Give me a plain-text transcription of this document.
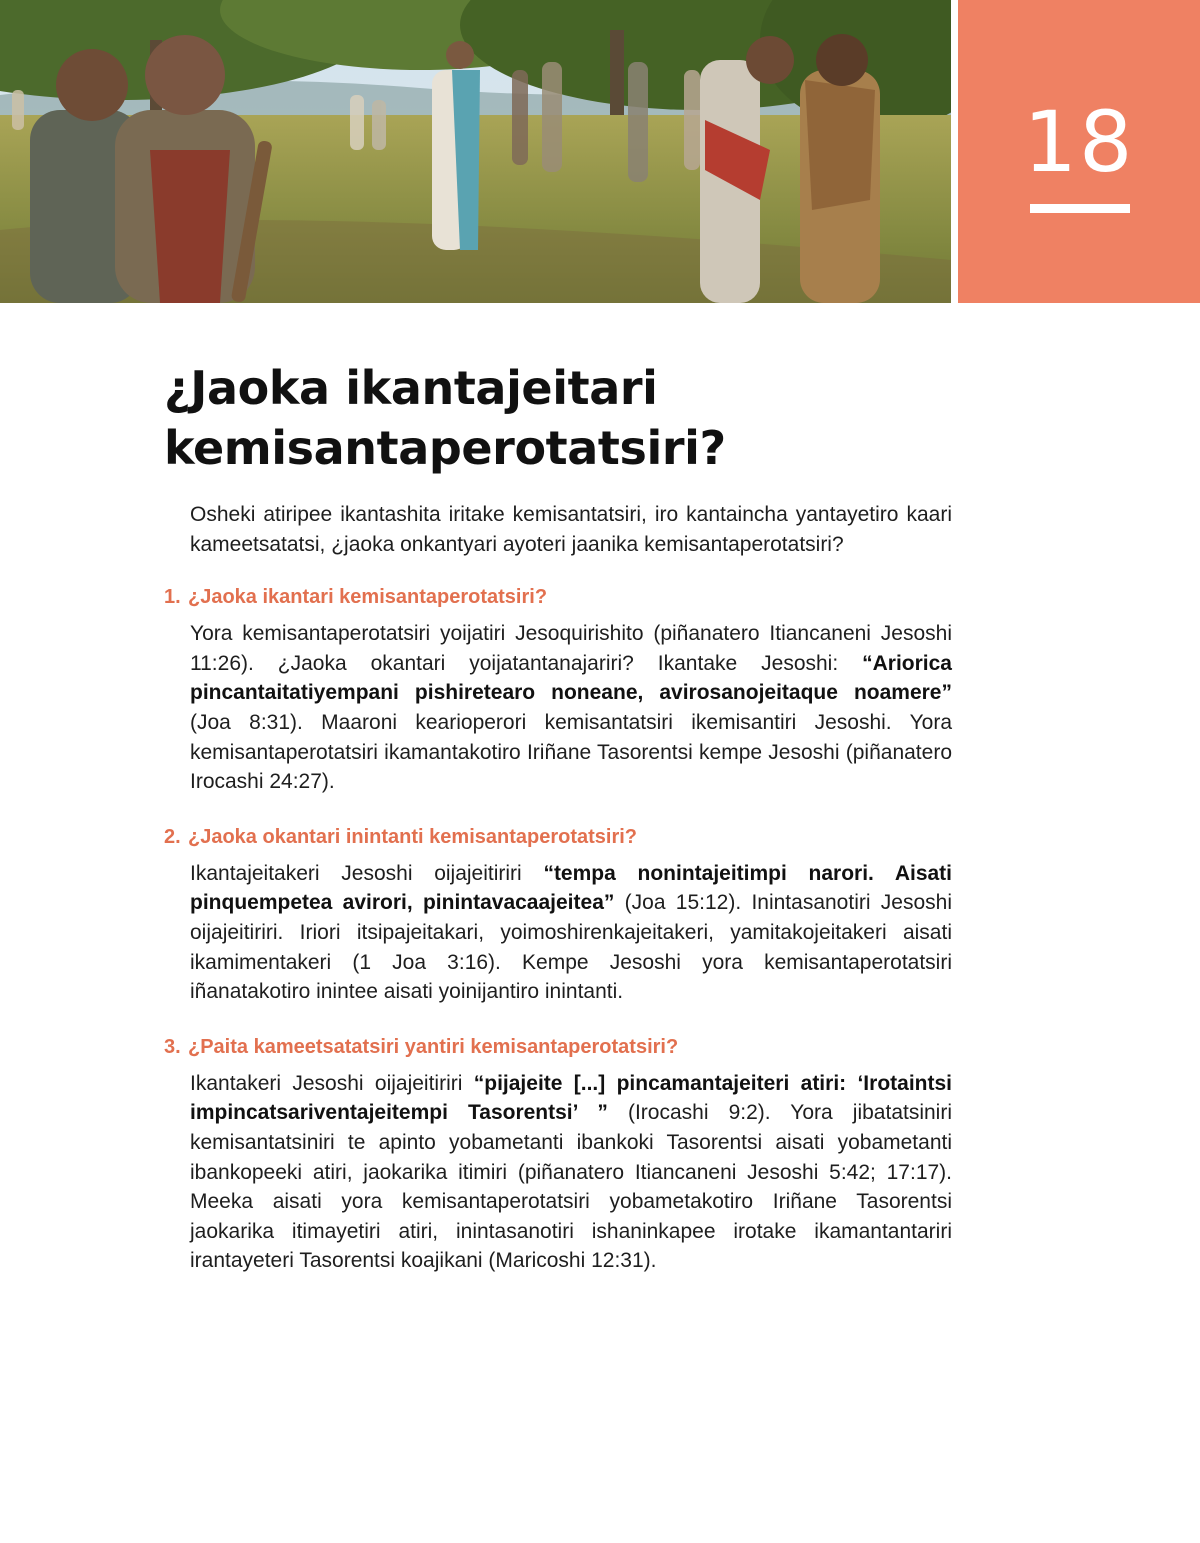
18
¿Jaoka ikantajeitari kemisantaperotatsiri?

Osheki atiripee ikantashita iritake kemisantatsiri, iro kantaincha yantayetiro kaari kameetsatatsi, ¿jaoka onkantyari ayoteri jaanika kemisantaperotatsiri?

1. ¿Jaoka ikantari kemisantaperotatsiri?

Yora kemisantaperotatsiri yoijatiri Jesoquirishito (piñanatero Itiancaneni Jesoshi 11:26). ¿Jaoka okantari yoijatantanajariri? Ikantake Jesoshi: “Ariorica pincantaitatiyempani pishiretearo noneane, avirosanojeitaque noamere” (Joa 8:31). Maaroni kearioperori kemisantatsiri ikemisantiri Jesoshi. Yora kemisantaperotatsiri ikamantakotiro Iriñane Tasorentsi kempe Jesoshi (piñanatero Irocashi 24:27).

2. ¿Jaoka okantari inintanti kemisantaperotatsiri?

Ikantajeitakeri Jesoshi oijajeitiriri “tempa nonintajeitimpi narori. Aisati pinquempetea avirori, pinintavacaajeitea” (Joa 15:12). Inintasanotiri Jesoshi oijajeitiriri. Iriori itsipajeitakari, yoimoshirenkajeitakeri, yamitakojeitakeri aisati ikamimentakeri (1 Joa 3:16). Kempe Jesoshi yora kemisantaperotatsiri iñanatakotiro inintee aisati yoinijantiro inintanti.

3. ¿Paita kameetsatatsiri yantiri kemisantaperotatsiri?

Ikantakeri Jesoshi oijajeitiriri “pijajeite [...] pincamantajeiteri atiri: ‘Irotaintsi impincatsariventajeitempi Tasorentsi’ ” (Irocashi 9:2). Yora jibatatsiniri kemisantatsiniri te apinto yobametanti ibankoki Tasorentsi aisati yobametanti ibankopeeki atiri, jaokarika itimiri (piñanatero Itiancaneni Jesoshi 5:42; 17:17). Meeka aisati yora kemisantaperotatsiri yobametakotiro Iriñane Tasorentsi jaokarika itimayetiri atiri, inintasanotiri ishaninkapee irotake ikamantantariri irantayeteri Tasorentsi koajikani (Maricoshi 12:31).
